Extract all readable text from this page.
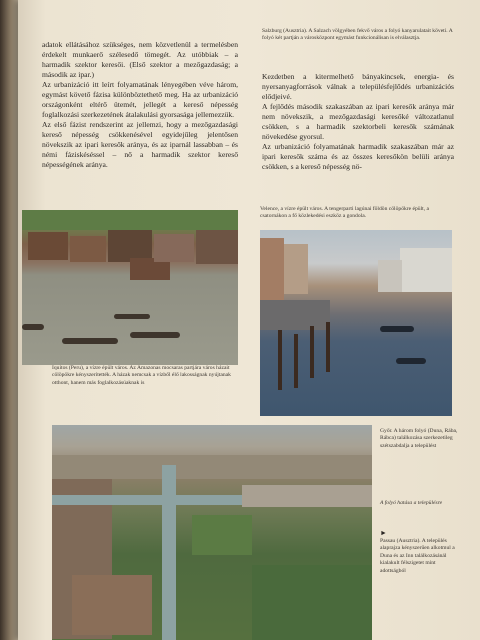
adatok ellátásához szükséges, nem közvetlenül a termelésben érdekelt munkaerő szélesedő tömegét. Az utóbbiak – a harmadik szektor keresői. (Első szektor a mezőgazdaság; a második az ipar.)

Az urbanizáció itt leírt folyamatának lényegében véve három, egymást követő fázisa különböztethető meg. Ha az urbanizáció országonként eltérő ütemét, jellegét a kereső népesség foglalkozási szerkezetének átalakulási gyorsasága jellemezzük.

Az első fázist rendszerint az jellemzi, hogy a mezőgazdasági kereső népesség csökkenésével egyidejűleg jelentősen növekszik az ipari keresők aránya, és az iparnál lassabban – és némi fáziskéséssel – nő a harmadik szektor kereső népességének aránya.

Salzburg (Ausztria). A Salzach völgyében fekvő város a folyó kanyarulatait követi. A folyó két partján a városközpont egymást funkcionálisan is elválasztja.

Kezdetben a kitermelhető bányakincsek, energia- és nyersanyagforrások válnak a településfejlődés urbanizációs elődjeivé.

A fejlődés második szakaszában az ipari keresők aránya már nem növekszik, a mezőgazdasági keresőké változatlanul csökken, s a harmadik szektorbeli keresők számának növekedése gyorsul.

Az urbanizáció folyamatának harmadik szakaszában már az ipari keresők száma és az összes keresőkön belüli aránya csökken, s a kereső népesség nö-

Iquitos (Peru), a vízre épült város. Az Amazonas mocsaras partjára város házait cölöpökre kényszerítették. A házak nemcsak a vízből élő lakosságnak nyújtanak otthont, hanem más foglalkozásúaknak is

Velence, a vízre épült város. A tengerparti lagúnai földön cölöpökre épült, a csatornákon a fő közlekedési eszköz a gondola.

Győr. A három folyó (Duna, Rába, Rábca) találkozása szerkezetileg szétszabdalja a települést

A folyó hatása a településre

►

Passau (Ausztria). A település alaprajza kényszerűen alkotmul a Duna és az Inn találkozásánál kialakult félszigetet mint adottságból
